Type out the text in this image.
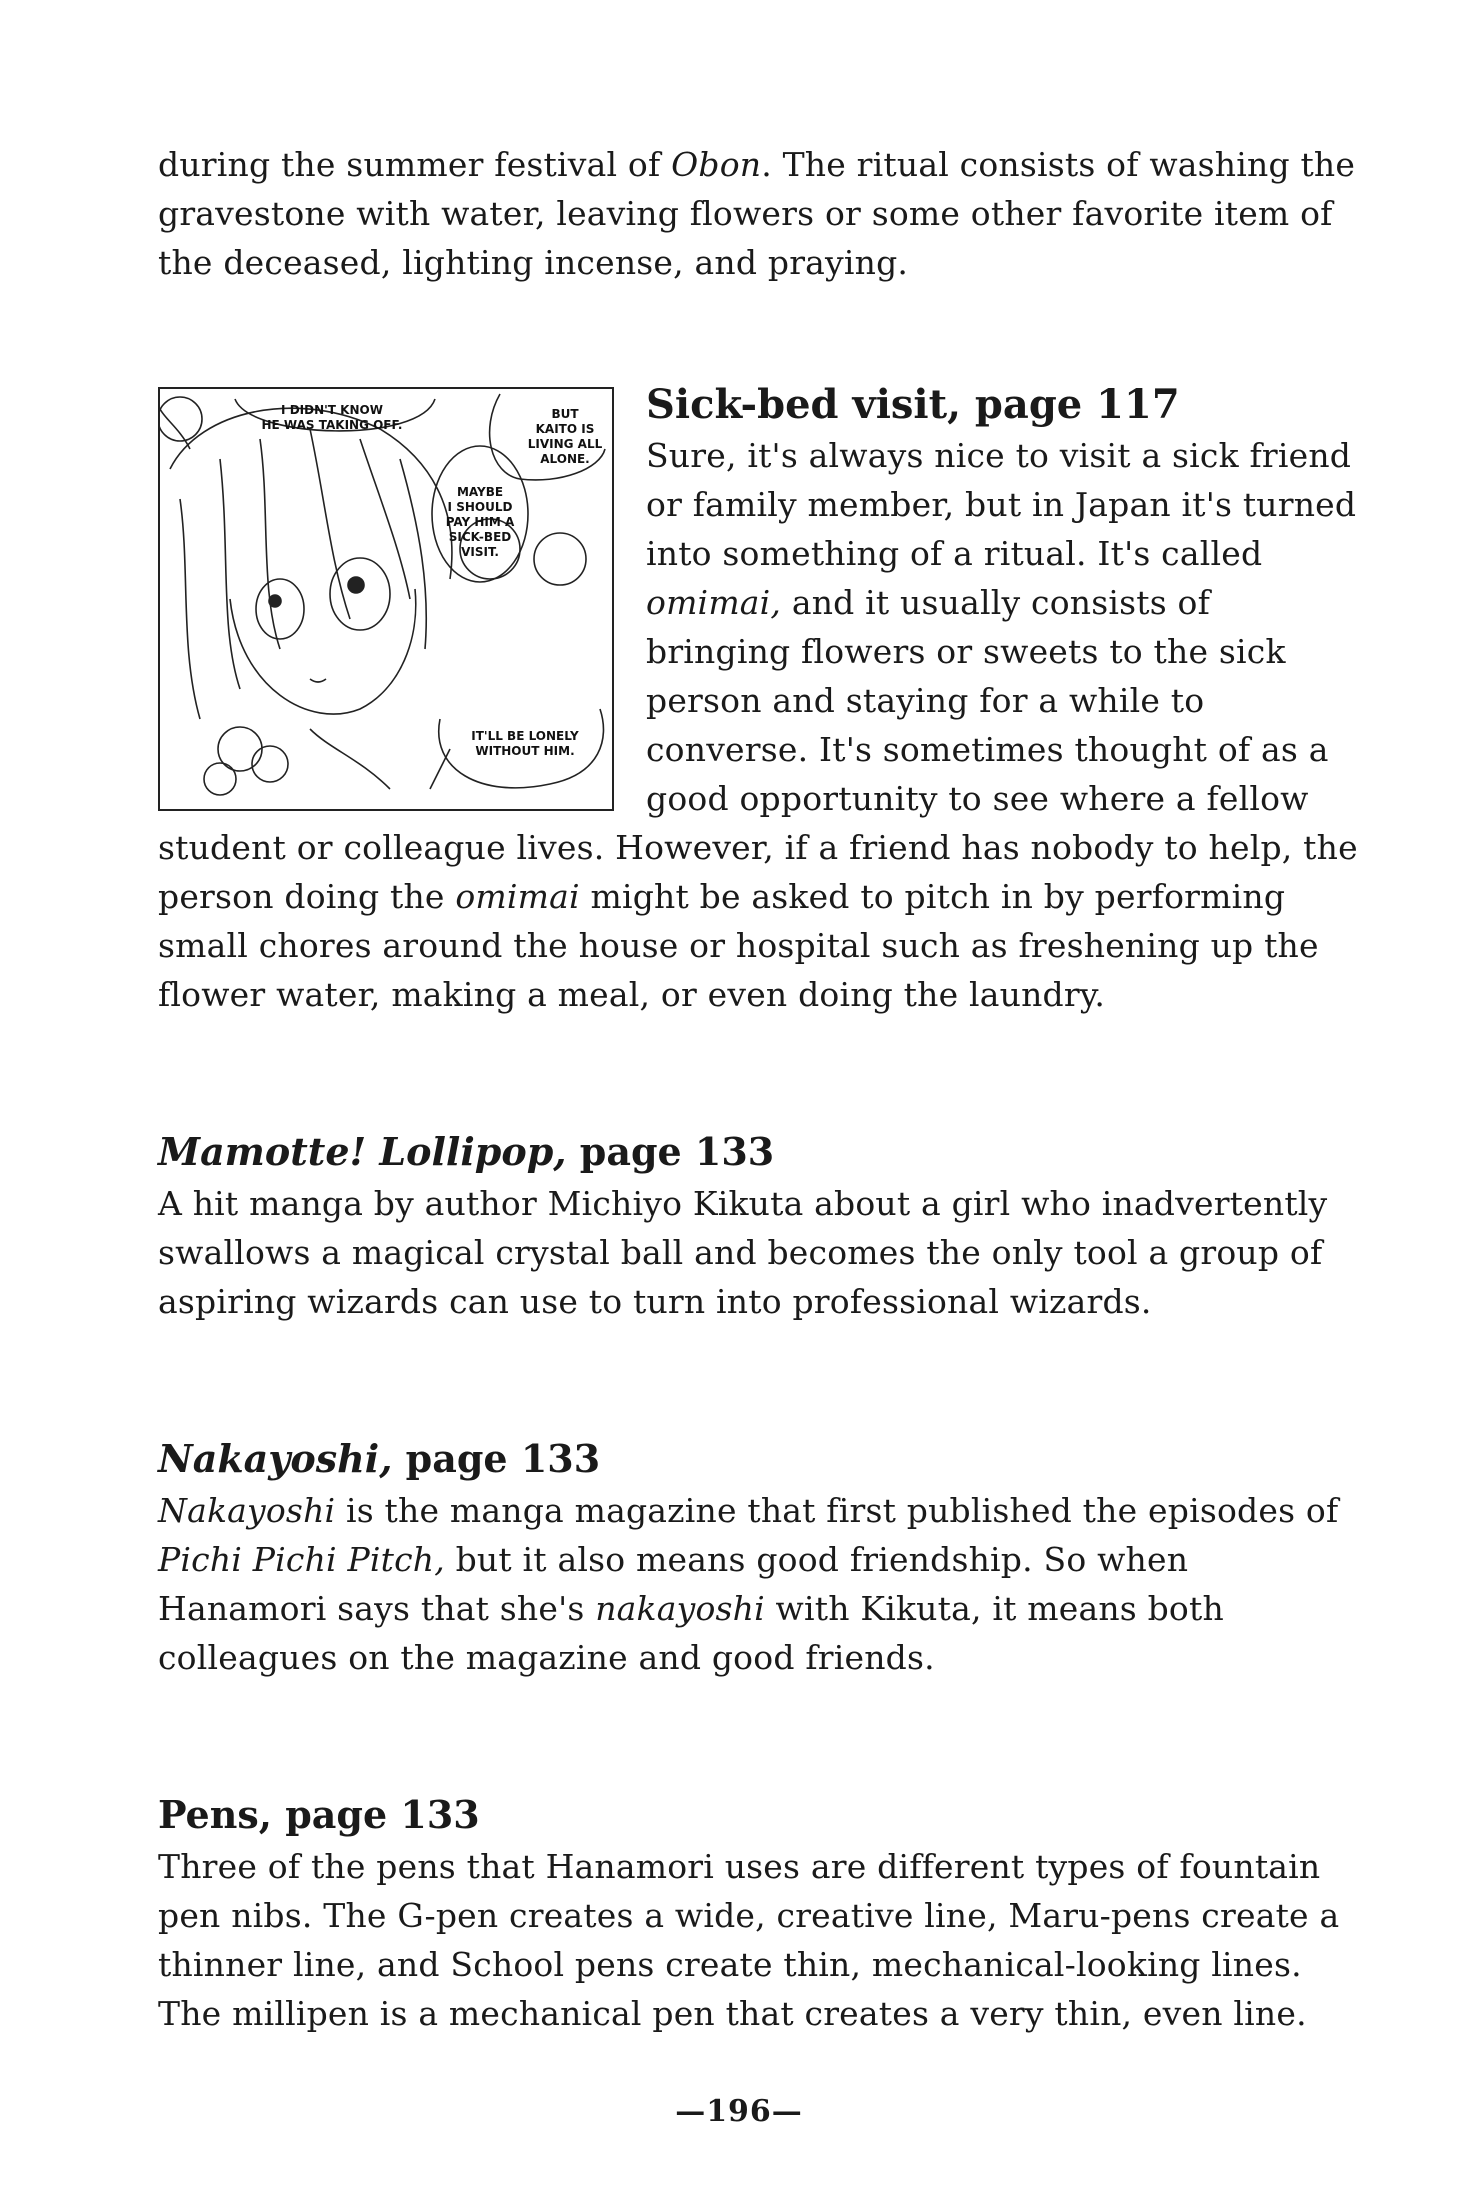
during the summer festival of Obon. The ritual consists of washing the gravestone with water, leaving flowers or some other favorite item of the deceased, lighting incense, and praying.

I DIDN'T KNOW
HE WAS TAKING OFF.
BUT
KAITO IS
LIVING ALL
ALONE.
MAYBE
I SHOULD
PAY HIM A
SICK-BED
VISIT.
IT'LL BE LONELY
WITHOUT HIM.
Sick-bed visit, page 117

Sure, it's always nice to visit a sick friend or family member, but in Japan it's turned into something of a ritual. It's called omimai, and it usually consists of bringing flowers or sweets to the sick person and staying for a while to converse. It's sometimes thought of as a good opportunity to see where a fellow student or colleague lives. However, if a friend has nobody to help, the person doing the omimai might be asked to pitch in by performing small chores around the house or hospital such as freshening up the flower water, making a meal, or even doing the laundry.

Mamotte! Lollipop, page 133

A hit manga by author Michiyo Kikuta about a girl who inadvertently swallows a magical crystal ball and becomes the only tool a group of aspiring wizards can use to turn into professional wizards.

Nakayoshi, page 133

Nakayoshi is the manga magazine that first published the episodes of Pichi Pichi Pitch, but it also means good friendship. So when Hanamori says that she's nakayoshi with Kikuta, it means both colleagues on the magazine and good friends.

Pens, page 133

Three of the pens that Hanamori uses are different types of fountain pen nibs. The G-pen creates a wide, creative line, Maru-pens create a thinner line, and School pens create thin, mechanical-looking lines. The millipen is a mechanical pen that creates a very thin, even line.

—196—
